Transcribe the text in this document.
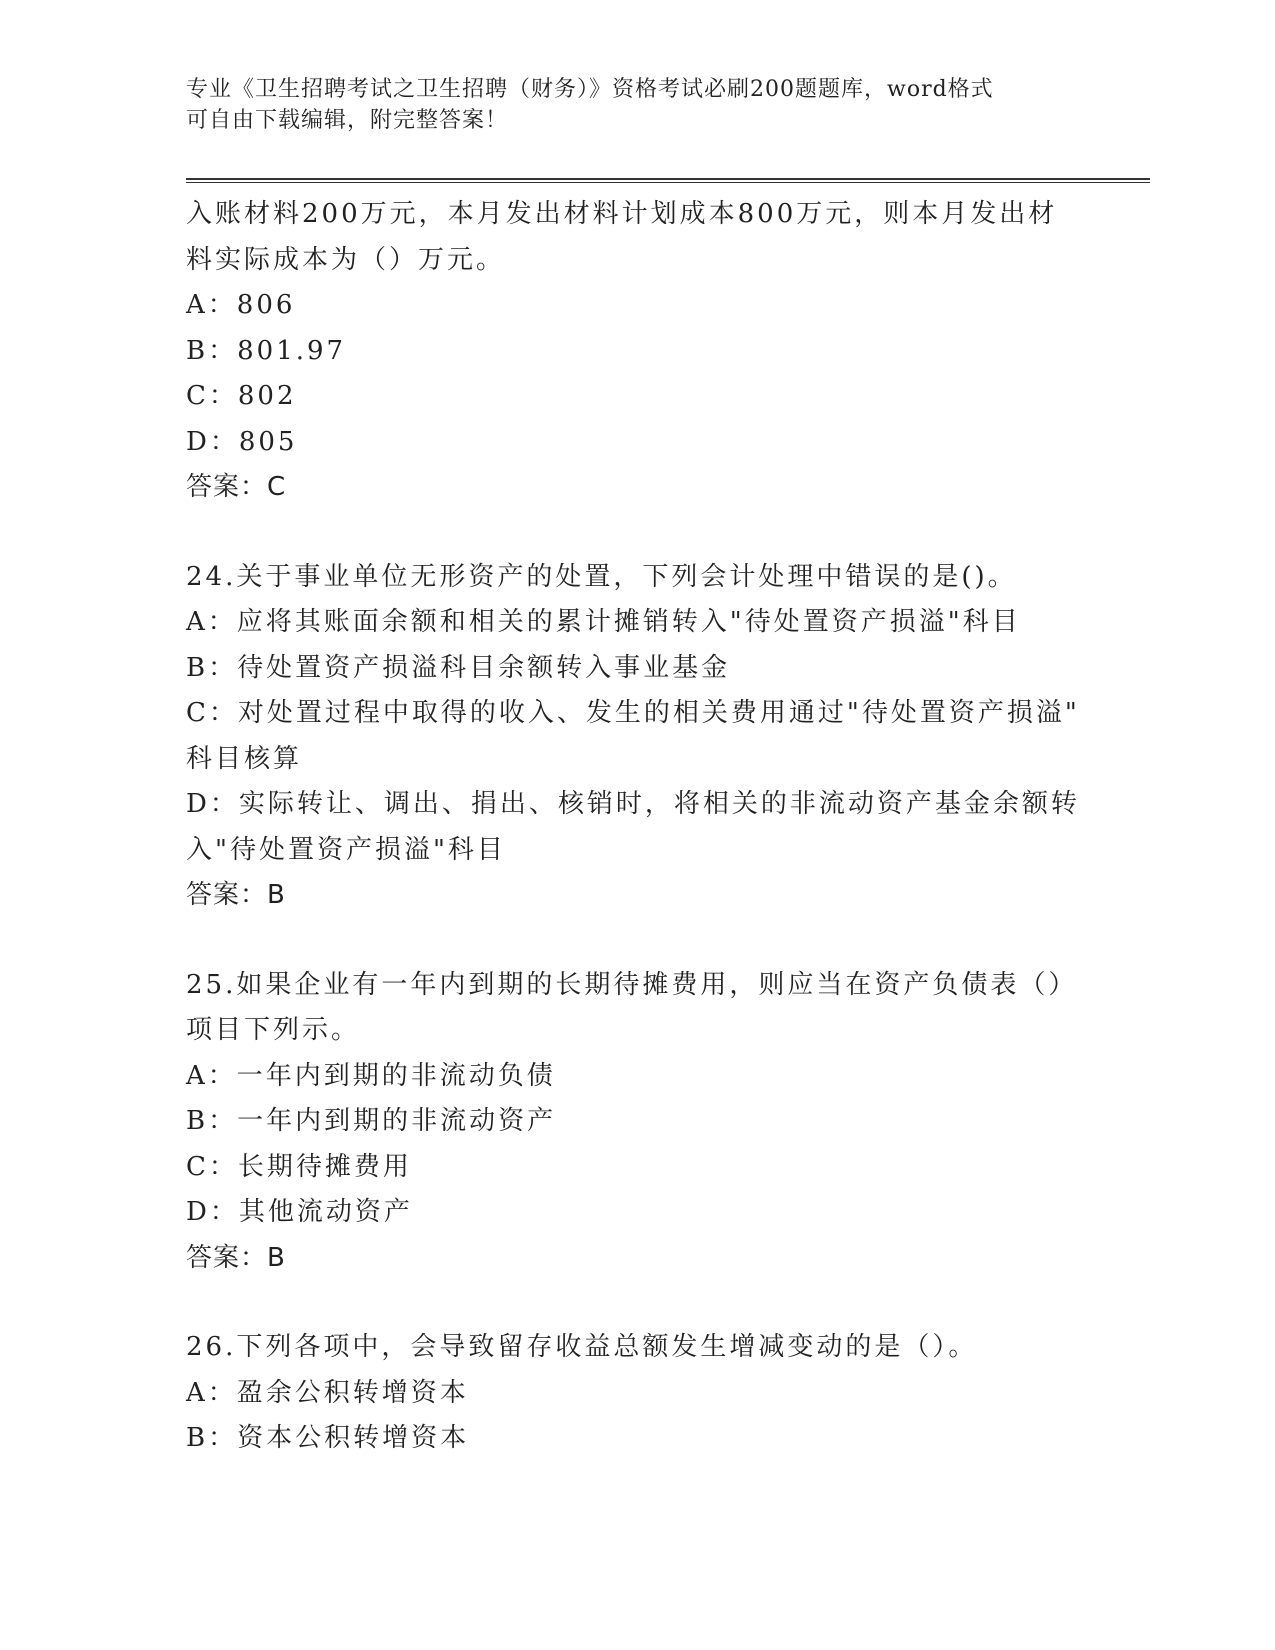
专业《卫生招聘考试之卫生招聘（财务）》资格考试必刷200题题库，word格式
可自由下载编辑，附完整答案！
入账材料200万元，本月发出材料计划成本800万元，则本月发出材
料实际成本为（）万元。
A：806
B：801.97
C：802
D：805
答案：C
24.关于事业单位无形资产的处置，下列会计处理中错误的是()。
A：应将其账面余额和相关的累计摊销转入"待处置资产损溢"科目
B：待处置资产损溢科目余额转入事业基金
C：对处置过程中取得的收入、发生的相关费用通过"待处置资产损溢"
科目核算
D：实际转让、调出、捐出、核销时，将相关的非流动资产基金余额转
入"待处置资产损溢"科目
答案：B
25.如果企业有一年内到期的长期待摊费用，则应当在资产负债表（）
项目下列示。
A：一年内到期的非流动负债
B：一年内到期的非流动资产
C：长期待摊费用
D：其他流动资产
答案：B
26.下列各项中，会导致留存收益总额发生增减变动的是（）。
A：盈余公积转增资本
B：资本公积转增资本
